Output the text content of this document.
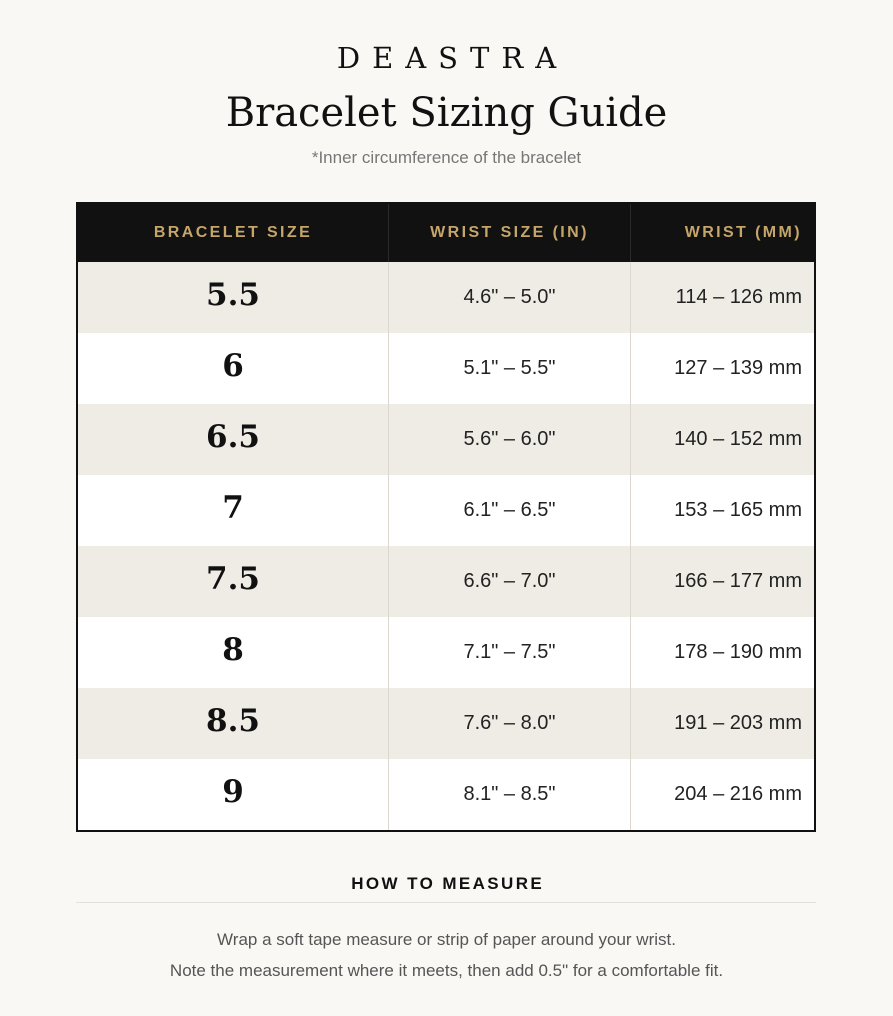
DEASTRA
Bracelet Sizing Guide
*Inner circumference of the bracelet
BRACELET SIZE	WRIST SIZE (IN)	WRIST (MM)
5.5	4.6" – 5.0"	114 – 126 mm
6	5.1" – 5.5"	127 – 139 mm
6.5	5.6" – 6.0"	140 – 152 mm
7	6.1" – 6.5"	153 – 165 mm
7.5	6.6" – 7.0"	166 – 177 mm
8	7.1" – 7.5"	178 – 190 mm
8.5	7.6" – 8.0"	191 – 203 mm
9	8.1" – 8.5"	204 – 216 mm
HOW TO MEASURE
Wrap a soft tape measure or strip of paper around your wrist.
Note the measurement where it meets, then add 0.5" for a comfortable fit.
